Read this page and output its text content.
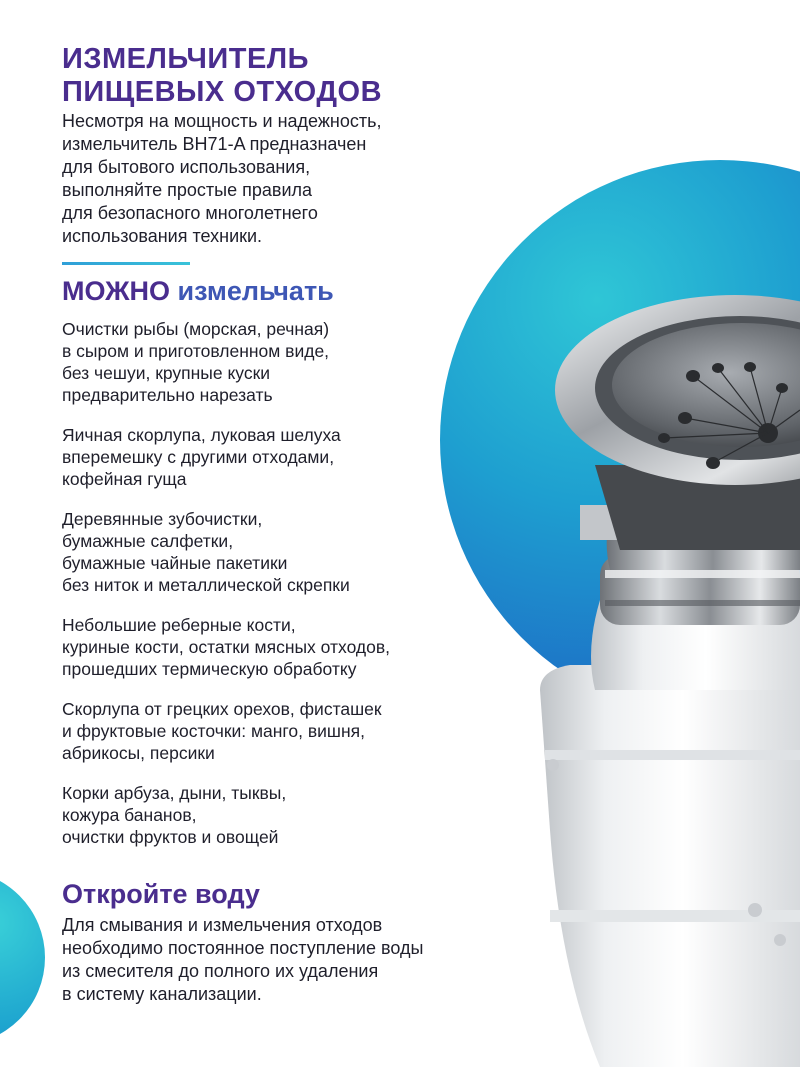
ИЗМЕЛЬЧИТЕЛЬ
ПИЩЕВЫХ ОТХОДОВ

Несмотря на мощность и надежность,
измельчитель BH71-A предназначен
для бытового использования,
выполняйте простые правила
для безопасного многолетнего
использования техники.

МОЖНО измельчать

Очистки рыбы (морская, речная)
в сыром и приготовленном виде,
без чешуи, крупные куски
предварительно нарезать

Яичная скорлупа, луковая шелуха
вперемешку с другими отходами,
кофейная гуща

Деревянные зубочистки,
бумажные салфетки,
бумажные чайные пакетики
без ниток и металлической скрепки

Небольшие реберные кости,
куриные кости, остатки мясных отходов,
прошедших термическую обработку

Скорлупа от грецких орехов, фисташек
и фруктовые косточки: манго, вишня,
абрикосы, персики

Корки арбуза, дыни, тыквы,
кожура бананов,
очистки фруктов и овощей

Откройте воду

Для смывания и измельчения отходов
необходимо постоянное поступление воды
из смесителя до полного их удаления
в систему канализации.
